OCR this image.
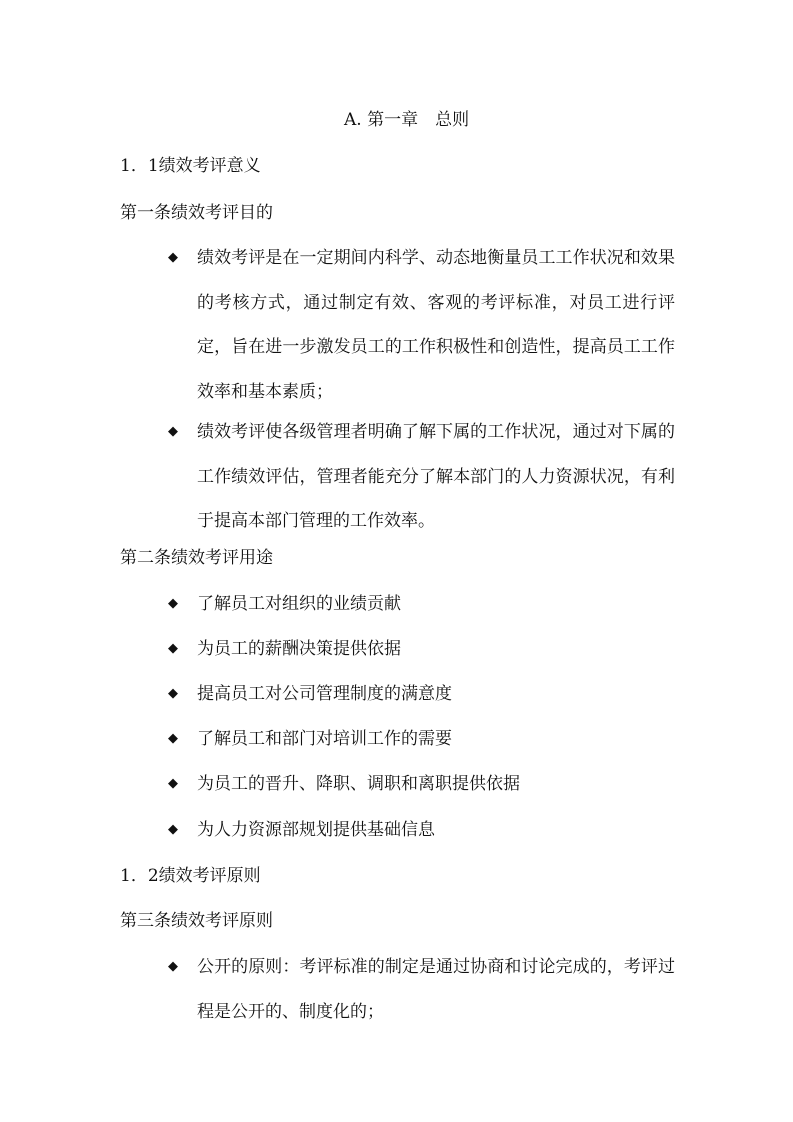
A. 第一章　总则
1．1绩效考评意义
第一条绩效考评目的
◆ 绩效考评是在一定期间内科学、动态地衡量员工工作状况和效果的考核方式，通过制定有效、客观的考评标准，对员工进行评定，旨在进一步激发员工的工作积极性和创造性，提高员工工作效率和基本素质；
◆ 绩效考评使各级管理者明确了解下属的工作状况，通过对下属的工作绩效评估，管理者能充分了解本部门的人力资源状况，有利于提高本部门管理的工作效率。
第二条绩效考评用途
◆ 了解员工对组织的业绩贡献
◆ 为员工的薪酬决策提供依据
◆ 提高员工对公司管理制度的满意度
◆ 了解员工和部门对培训工作的需要
◆ 为员工的晋升、降职、调职和离职提供依据
◆ 为人力资源部规划提供基础信息
1．2绩效考评原则
第三条绩效考评原则
◆ 公开的原则：考评标准的制定是通过协商和讨论完成的，考评过程是公开的、制度化的；
